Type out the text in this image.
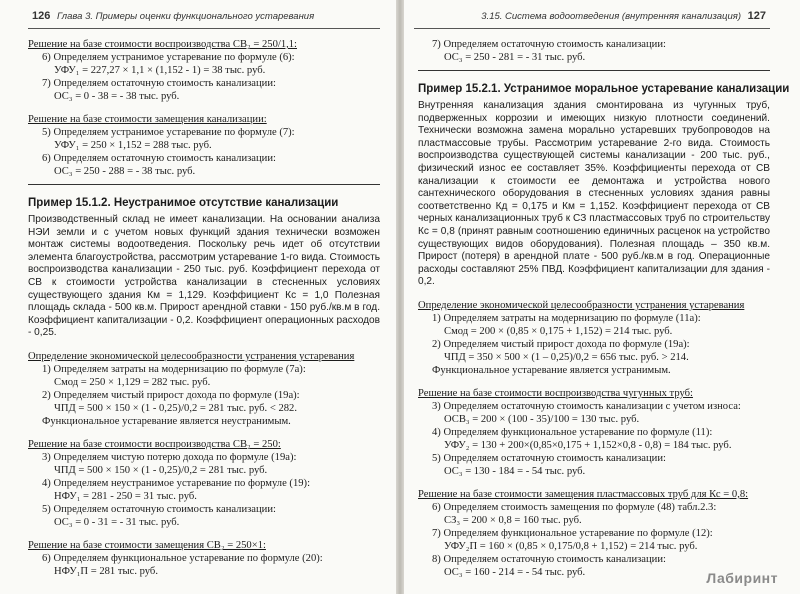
126 Глава 3. Примеры оценки функционального устаревания
Решение на базе стоимости воспроизводства СВ₂ = 250/1,1:
6) Определяем устранимое устаревание по формуле (6):
УФУ₁ = 227,27 × 1,1 × (1,152 - 1) = 38 тыс. руб.
7) Определяем остаточную стоимость канализации:
ОС₃ = 0 - 38 = - 38 тыс. руб.
Решение на базе стоимости замещения канализации:
5) Определяем устранимое устаревание по формуле (7):
УФУ₁ = 250 × 1,152 = 288 тыс. руб.
6) Определяем остаточную стоимость канализации:
ОС₃ = 250 - 288 = - 38 тыс. руб.
Пример 15.1.2. Неустранимое отсутствие канализации
Производственный склад не имеет канализации. На основании анализа НЭИ земли и с учетом новых функций здания технически возможен монтаж системы водоотведения. Поскольку речь идет об отсутствии элемента благоустройства, рассмотрим устаревание 1-го вида. Стоимость воспроизводства канализации - 250 тыс. руб. Коэффициент перехода от СВ к стоимости устройства канализации в стесненных условиях существующего здания Км = 1,129. Коэффициент Кс = 1,0 Полезная площадь склада - 500 кв.м. Прирост арендной ставки - 150 руб./кв.м в год. Коэффициент капитализации - 0,2. Коэффициент операционных расходов - 0,25.
Определение экономической целесообразности устранения устаревания
1) Определяем затраты на модернизацию по формуле (7а):
Cмод = 250 × 1,129 = 282 тыс. руб.
2) Определяем чистый прирост дохода по формуле (19а):
ЧПД = 500 × 150 × (1 - 0,25)/0,2 = 281 тыс. руб. < 282.
Функциональное устаревание является неустранимым.
Решение на базе стоимости воспроизводства СВ₂ = 250:
3) Определяем чистую потерю дохода по формуле (19а):
ЧПД = 500 × 150 × (1 - 0,25)/0,2 = 281 тыс. руб.
4) Определяем неустранимое устаревание по формуле (19):
НФУ₁ = 281 - 250 = 31 тыс. руб.
5) Определяем остаточную стоимость канализации:
ОС₃ = 0 - 31 = - 31 тыс. руб.
Решение на базе стоимости замещения СВ₂ = 250×1:
6) Определяем функциональное устаревание по формуле (20):
НФУ₁П = 281 тыс. руб.
3.15. Система водоотведения (внутренняя канализация) 127
7) Определяем остаточную стоимость канализации:
ОС₃ = 250 - 281 = - 31 тыс. руб.
Пример 15.2.1. Устранимое моральное устаревание канализации
Внутренняя канализация здания смонтирована из чугунных труб, подверженных коррозии и имеющих низкую плотности соединений. Технически возможна замена морально устаревших трубопроводов на пластмассовые трубы. Рассмотрим устаревание 2-го вида. Стоимость воспроизводства существующей системы канализации - 200 тыс. руб., физический износ ее составляет 35%. Коэффициенты перехода от СВ канализации к стоимости ее демонтажа и устройства нового сантехнического оборудования в стесненных условиях здания равны соответственно Кд = 0,175 и Км = 1,152. Коэффициент перехода от СВ черных канализационных труб к СЗ пластмассовых труб по строительству Кс = 0,8 (принят равным соотношению единичных расценок на устройство существующих видов оборудования). Полезная площадь – 350 кв.м. Прирост (потеря) в арендной плате - 500 руб./кв.м в год. Операционные расходы составляют 25% ПВД. Коэффициент капитализации для здания - 0,2.
Определение экономической целесообразности устранения устаревания
1) Определяем затраты на модернизацию по формуле (11а):
Cмод = 200 × (0,85 × 0,175 + 1,152) = 214 тыс. руб.
2) Определяем чистый прирост дохода по формуле (19а):
ЧПД = 350 × 500 × (1 – 0,25)/0,2 = 656 тыс. руб. > 214.
Функциональное устаревание является устранимым.
Решение на базе стоимости воспроизводства чугунных труб:
3) Определяем остаточную стоимость канализации с учетом износа:
ОСВ₃ = 200 × (100 - 35)/100 = 130 тыс. руб.
4) Определяем функциональное устаревание по формуле (11):
УФУ₂ = 130 + 200×(0,85×0,175 + 1,152×0,8 - 0,8) = 184 тыс. руб.
5) Определяем остаточную стоимость канализации:
ОС₃ = 130 - 184 = - 54 тыс. руб.
Решение на базе стоимости замещения пластмассовых труб для Кс = 0,8:
6) Определяем стоимость замещения по формуле (48) табл.2.3:
СЗ₃ = 200 × 0,8 = 160 тыс. руб.
7) Определяем функциональное устаревание по формуле (12):
УФУ₂П = 160 × (0,85 × 0,175/0,8 + 1,152) = 214 тыс. руб.
8) Определяем остаточную стоимость канализации:
ОС₃ = 160 - 214 = - 54 тыс. руб.	Лабиринт
